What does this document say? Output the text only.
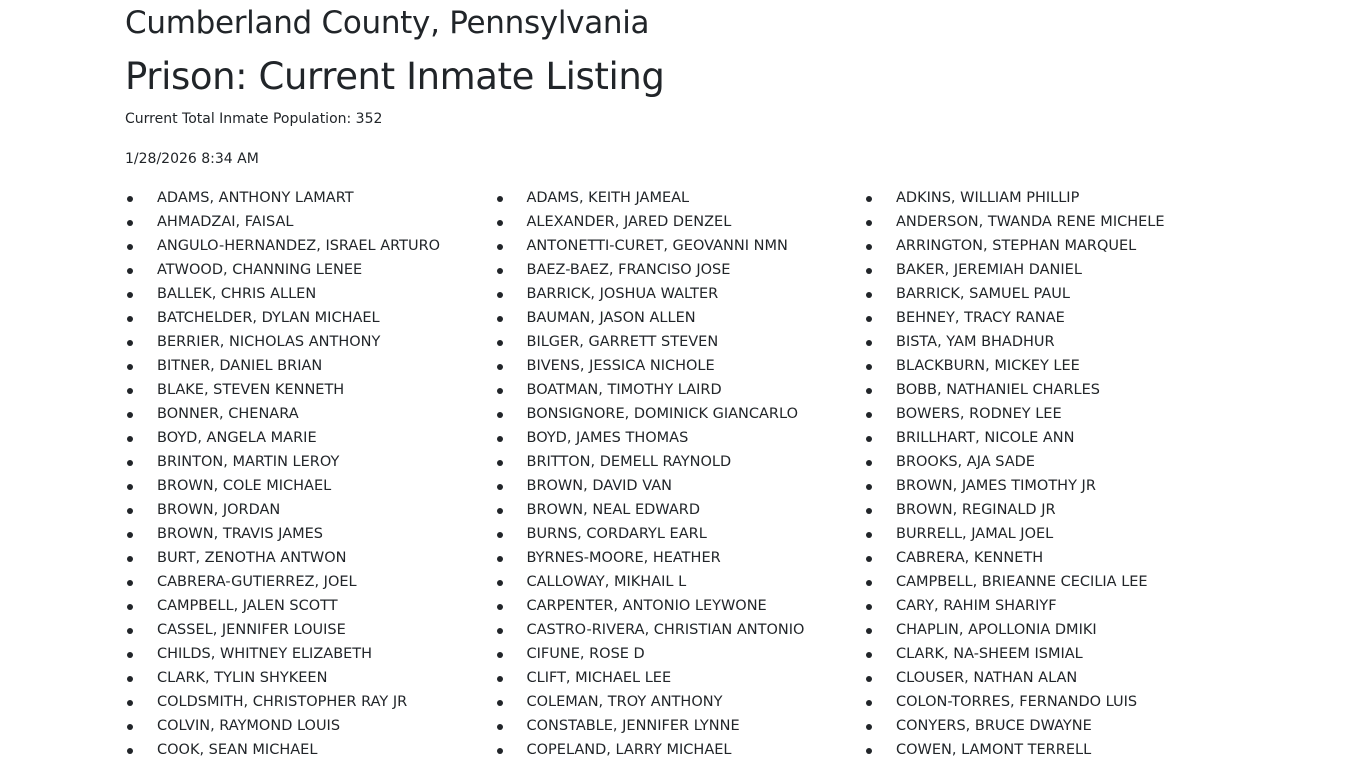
Cumberland County, Pennsylvania
Prison: Current Inmate Listing
Current Total Inmate Population: 352
1/28/2026 8:34 AM
ADAMS, ANTHONY LAMART
AHMADZAI, FAISAL
ANGULO-HERNANDEZ, ISRAEL ARTURO
ATWOOD, CHANNING LENEE
BALLEK, CHRIS ALLEN
BATCHELDER, DYLAN MICHAEL
BERRIER, NICHOLAS ANTHONY
BITNER, DANIEL BRIAN
BLAKE, STEVEN KENNETH
BONNER, CHENARA
BOYD, ANGELA MARIE
BRINTON, MARTIN LEROY
BROWN, COLE MICHAEL
BROWN, JORDAN
BROWN, TRAVIS JAMES
BURT, ZENOTHA ANTWON
CABRERA-GUTIERREZ, JOEL
CAMPBELL, JALEN SCOTT
CASSEL, JENNIFER LOUISE
CHILDS, WHITNEY ELIZABETH
CLARK, TYLIN SHYKEEN
COLDSMITH, CHRISTOPHER RAY JR
COLVIN, RAYMOND LOUIS
COOK, SEAN MICHAEL
ADAMS, KEITH JAMEAL
ALEXANDER, JARED DENZEL
ANTONETTI-CURET, GEOVANNI NMN
BAEZ-BAEZ, FRANCISO JOSE
BARRICK, JOSHUA WALTER
BAUMAN, JASON ALLEN
BILGER, GARRETT STEVEN
BIVENS, JESSICA NICHOLE
BOATMAN, TIMOTHY LAIRD
BONSIGNORE, DOMINICK GIANCARLO
BOYD, JAMES THOMAS
BRITTON, DEMELL RAYNOLD
BROWN, DAVID VAN
BROWN, NEAL EDWARD
BURNS, CORDARYL EARL
BYRNES-MOORE, HEATHER
CALLOWAY, MIKHAIL L
CARPENTER, ANTONIO LEYWONE
CASTRO-RIVERA, CHRISTIAN ANTONIO
CIFUNE, ROSE D
CLIFT, MICHAEL LEE
COLEMAN, TROY ANTHONY
CONSTABLE, JENNIFER LYNNE
COPELAND, LARRY MICHAEL
ADKINS, WILLIAM PHILLIP
ANDERSON, TWANDA RENE MICHELE
ARRINGTON, STEPHAN MARQUEL
BAKER, JEREMIAH DANIEL
BARRICK, SAMUEL PAUL
BEHNEY, TRACY RANAE
BISTA, YAM BHADHUR
BLACKBURN, MICKEY LEE
BOBB, NATHANIEL CHARLES
BOWERS, RODNEY LEE
BRILLHART, NICOLE ANN
BROOKS, AJA SADE
BROWN, JAMES TIMOTHY JR
BROWN, REGINALD JR
BURRELL, JAMAL JOEL
CABRERA, KENNETH
CAMPBELL, BRIEANNE CECILIA LEE
CARY, RAHIM SHARIYF
CHAPLIN, APOLLONIA DMIKI
CLARK, NA-SHEEM ISMIAL
CLOUSER, NATHAN ALAN
COLON-TORRES, FERNANDO LUIS
CONYERS, BRUCE DWAYNE
COWEN, LAMONT TERRELL
